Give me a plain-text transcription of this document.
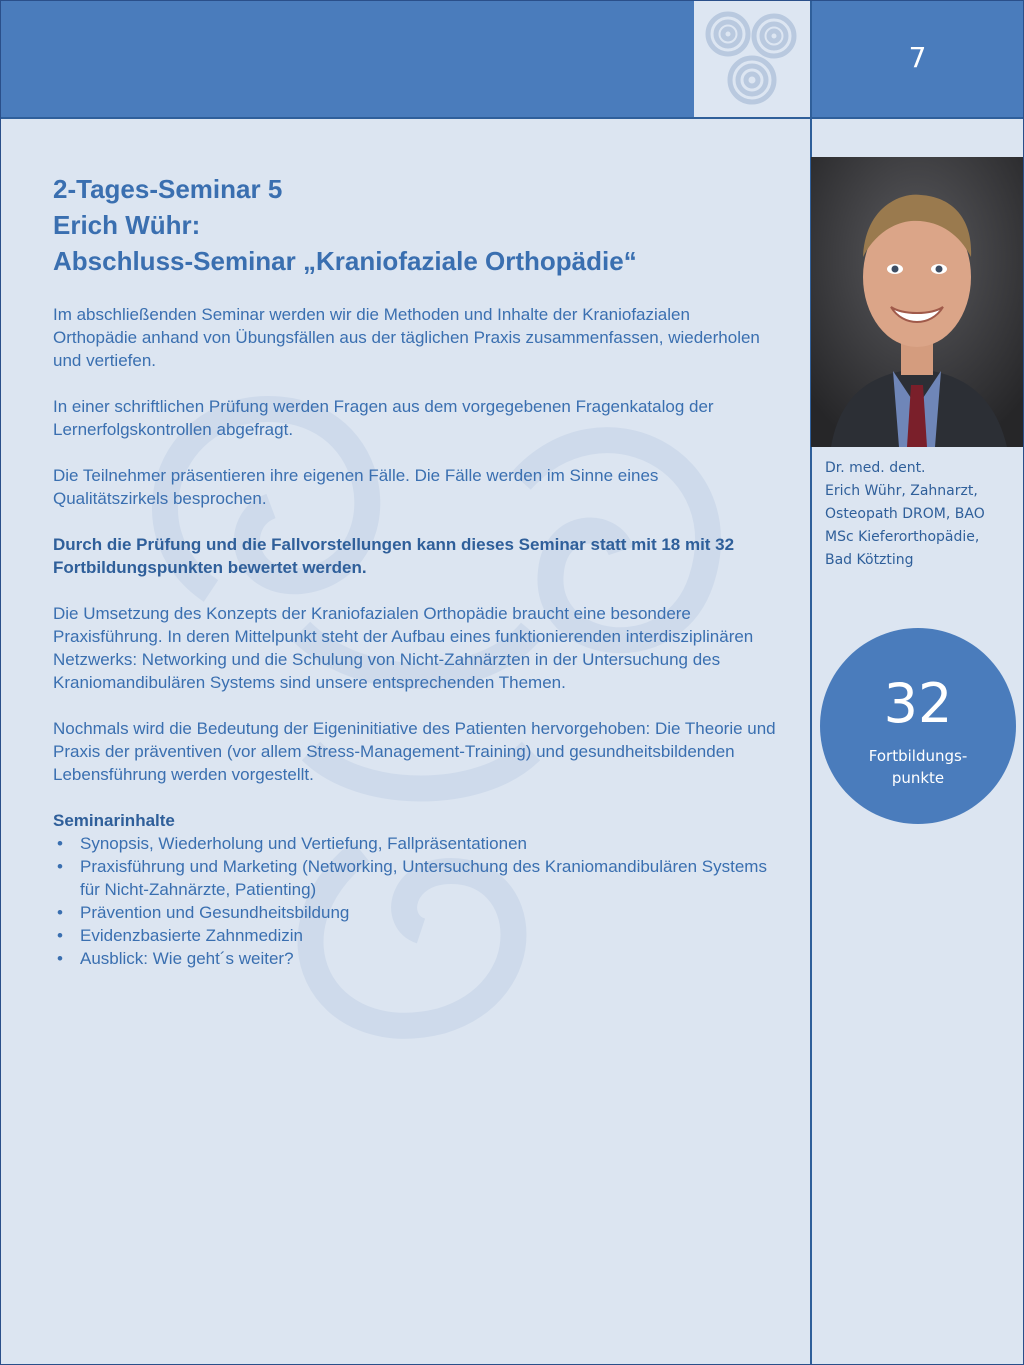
7

2-Tages-Seminar 5

Erich Wühr:

Abschluss-Seminar „Kraniofaziale Orthopädie“

Im abschließenden Seminar werden wir die Methoden und Inhalte der Kraniofazialen Orthopädie anhand von Übungsfällen aus der täglichen Praxis zusammenfassen, wiederholen und vertiefen.

In einer schriftlichen Prüfung werden Fragen aus dem vorgegebenen Fragenkatalog der Lernerfolgskontrollen abgefragt.

Die Teilnehmer präsentieren ihre eigenen Fälle. Die Fälle werden im Sinne eines Qualitätszirkels besprochen.

Durch die Prüfung und die Fallvorstellungen kann dieses Seminar statt mit 18 mit 32 Fortbildungspunkten bewertet werden.

Die Umsetzung des Konzepts der Kraniofazialen Orthopädie braucht eine besondere Praxisführung. In deren Mittelpunkt steht der Aufbau eines funktionierenden interdisziplinären Netzwerks: Networking und die Schulung von Nicht-Zahnärzten in der Untersuchung des Kraniomandibulären Systems sind unsere entsprechenden Themen.

Nochmals wird die Bedeutung der Eigeninitiative des Patienten hervorgehoben: Die Theorie und Praxis der präventiven (vor allem Stress-Management-Training) und gesundheitsbildenden Lebensführung werden vorgestellt.

Seminarinhalte

• Synopsis, Wiederholung und Vertiefung, Fallpräsentationen
• Praxisführung und Marketing (Networking, Untersuchung des Kraniomandibulären Systems für Nicht-Zahnärzte, Patienting)
• Prävention und Gesundheitsbildung
• Evidenzbasierte Zahnmedizin
• Ausblick: Wie geht´s weiter?
Dr. med. dent.
Erich Wühr, Zahnarzt,
Osteopath DROM, BAO
MSc Kieferorthopädie,
Bad Kötzting
32
Fortbildungs-
punkte
